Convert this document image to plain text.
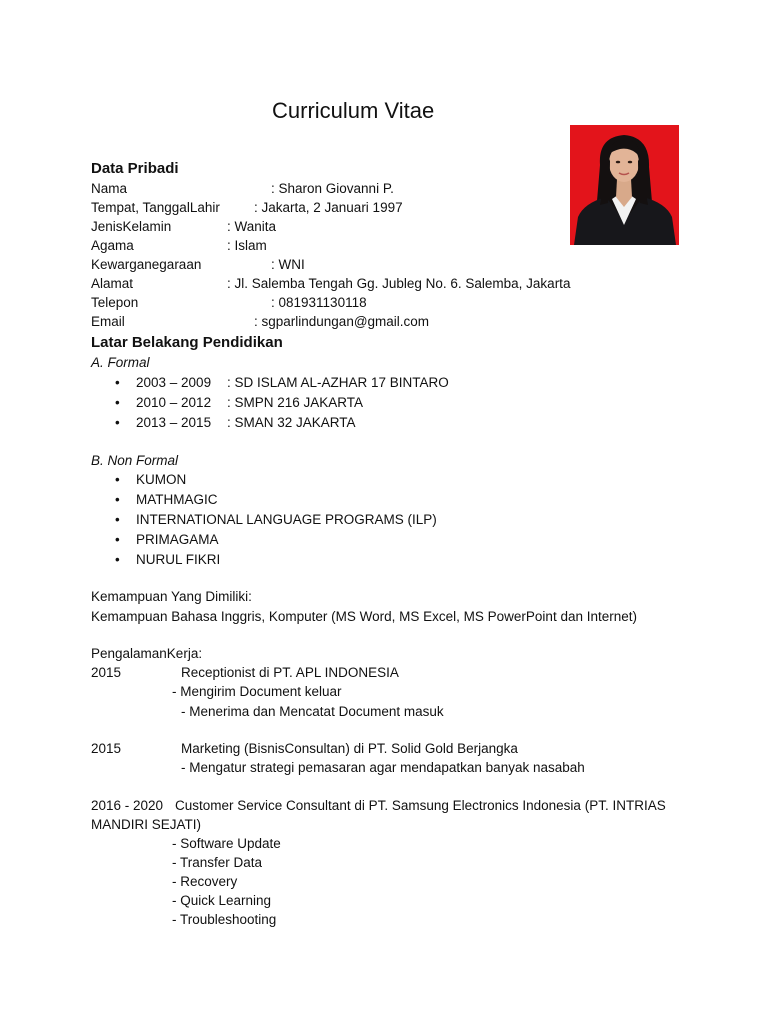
Curriculum Vitae
Data Pribadi
Nama	: Sharon Giovanni P.
Tempat, TanggalLahir	: Jakarta, 2 Januari 1997
JenisKelamin	: Wanita
Agama	: Islam
Kewarganegaraan	: WNI
Alamat	: Jl. Salemba Tengah Gg. Jubleg No. 6. Salemba, Jakarta
Telepon	: 081931130118
Email	: sgparlindungan@gmail.com
Latar Belakang Pendidikan
A. Formal
• 2003 – 2009 : SD ISLAM AL-AZHAR 17 BINTARO
• 2010 – 2012 : SMPN 216 JAKARTA
• 2013 – 2015 : SMAN 32 JAKARTA
B. Non Formal
• KUMON
• MATHMAGIC
• INTERNATIONAL LANGUAGE PROGRAMS (ILP)
• PRIMAGAMA
• NURUL FIKRI
Kemampuan Yang Dimiliki:
Kemampuan Bahasa Inggris, Komputer (MS Word, MS Excel, MS PowerPoint dan Internet)
PengalamanKerja:
2015	Receptionist di PT. APL INDONESIA
- Mengirim Document keluar
- Menerima dan Mencatat Document masuk
2015	Marketing (BisnisConsultan) di PT. Solid Gold Berjangka
- Mengatur strategi pemasaran agar mendapatkan banyak nasabah
2016 - 2020 Customer Service Consultant di PT. Samsung Electronics Indonesia (PT. INTRIAS
MANDIRI SEJATI)
- Software Update
- Transfer Data
- Recovery
- Quick Learning
- Troubleshooting
